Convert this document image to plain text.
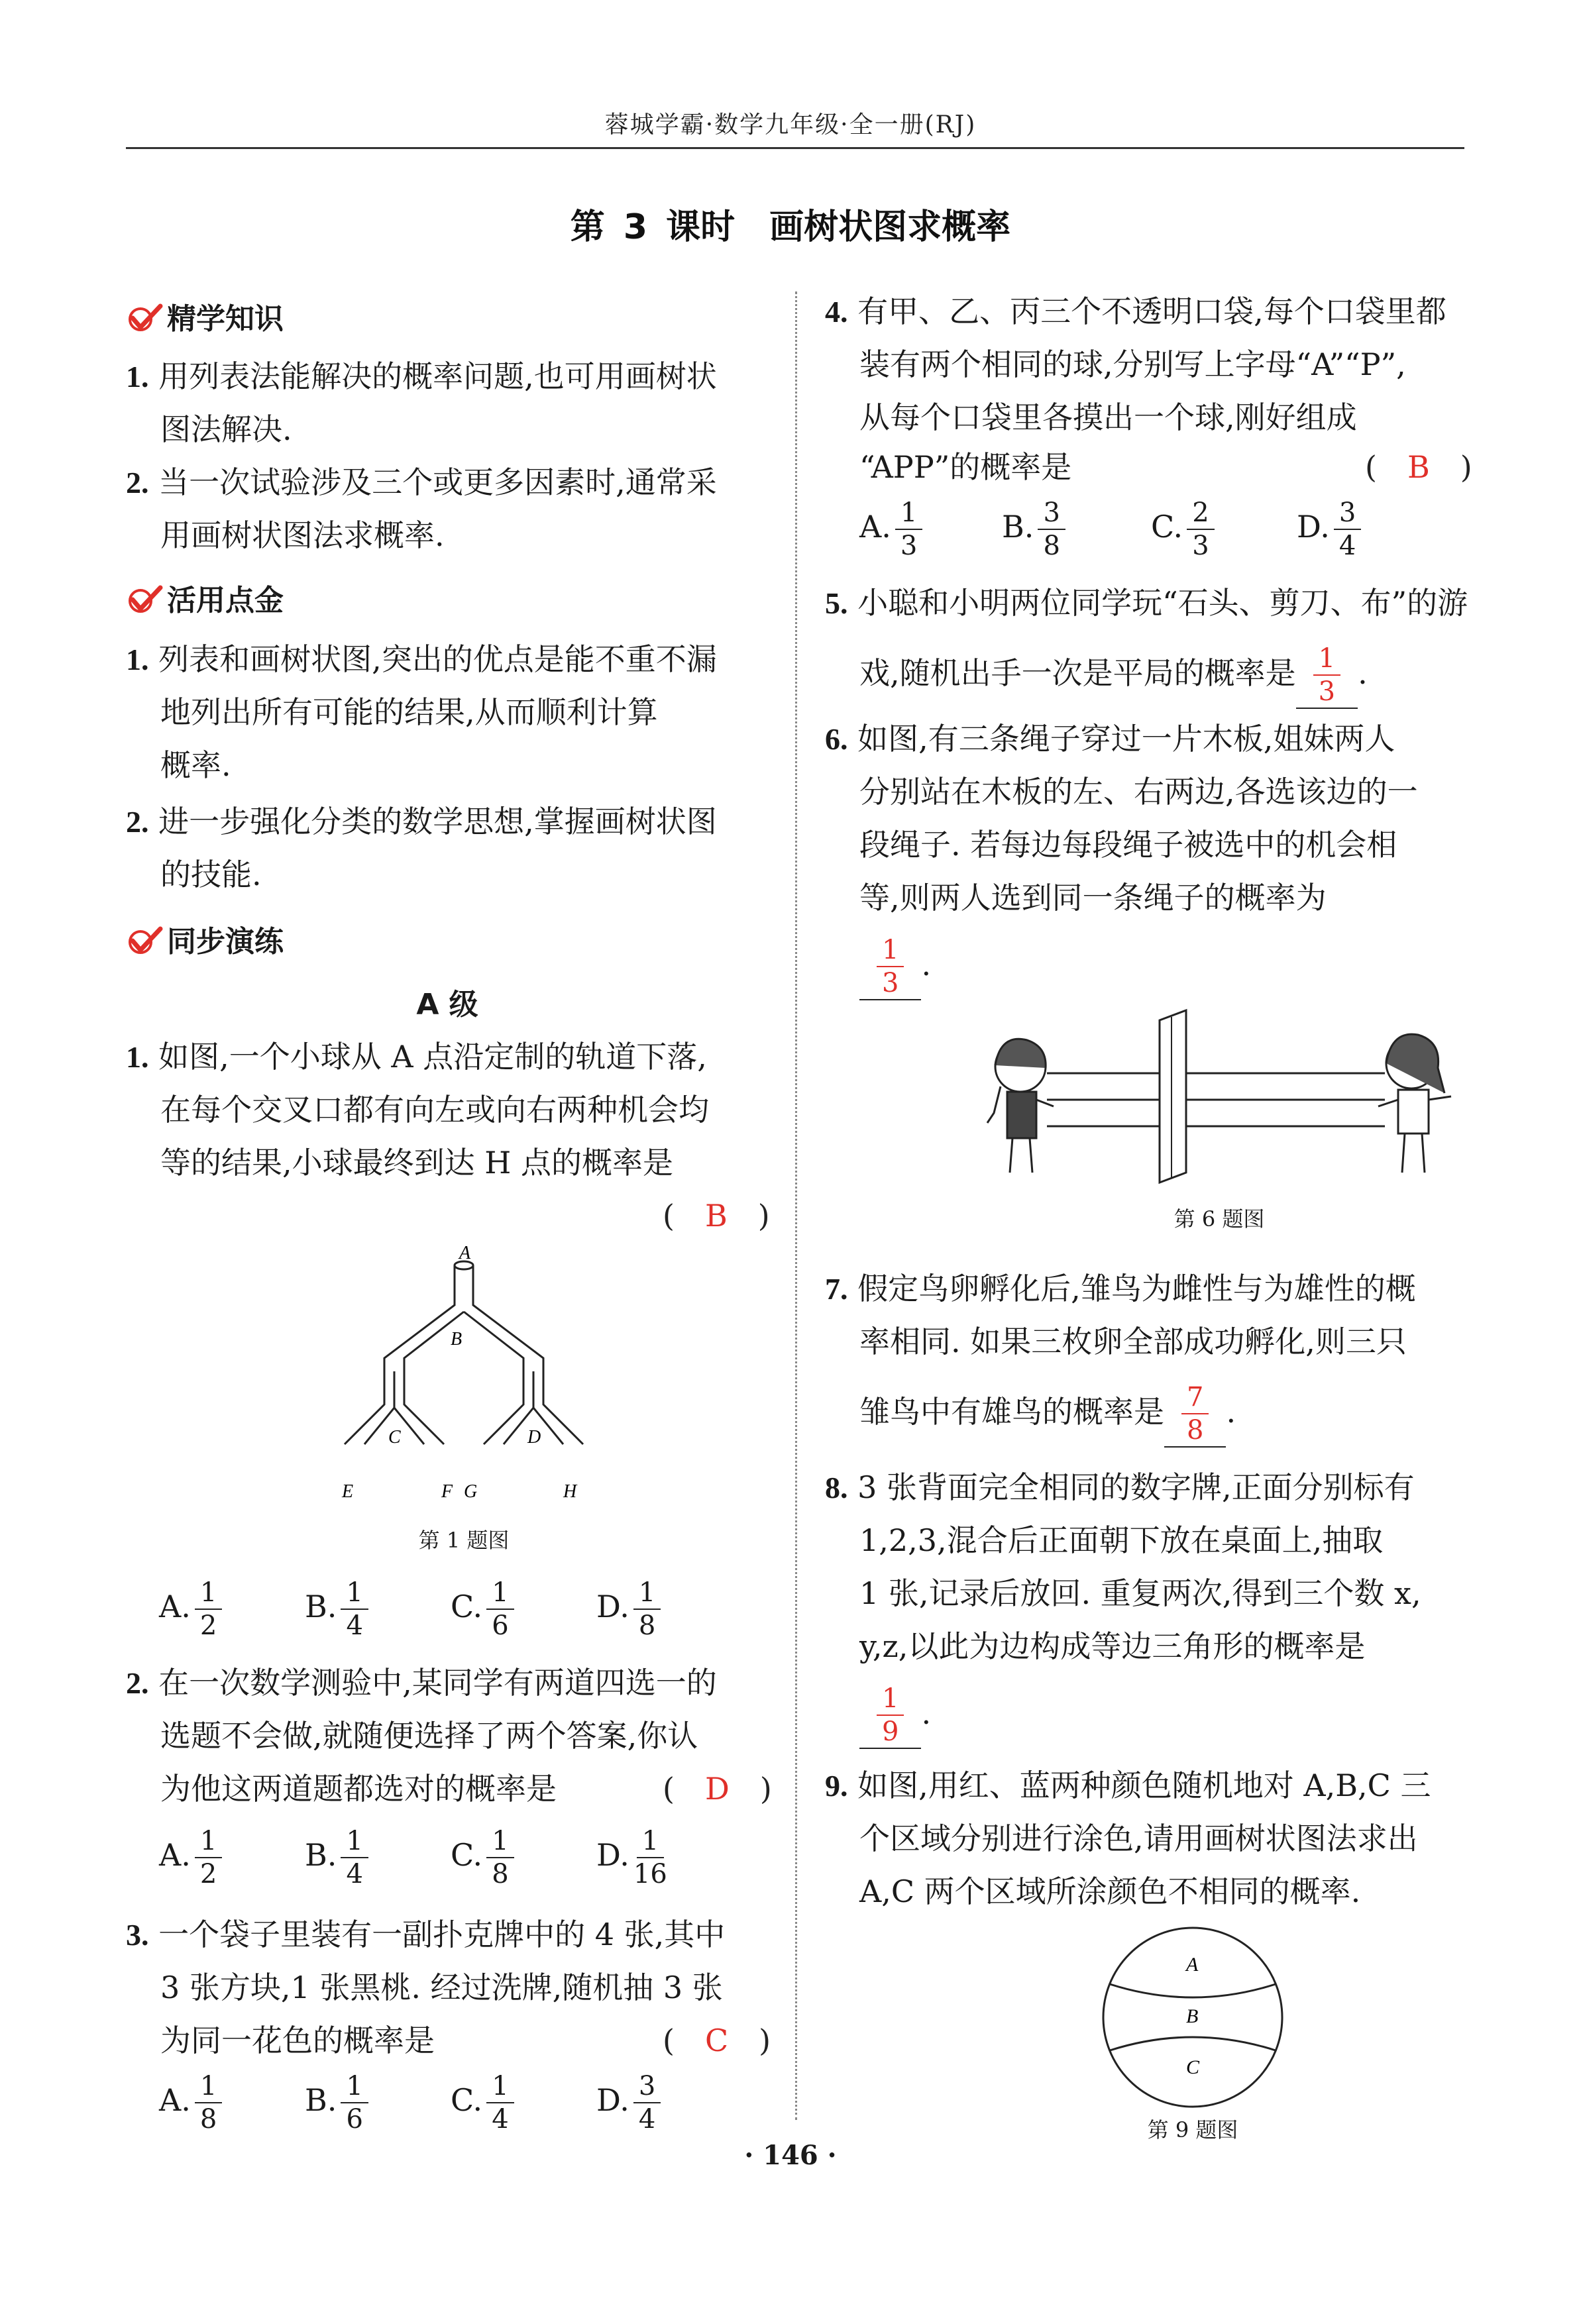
蓉城学霸·数学九年级·全一册(RJ)
第 3 课时　画树状图求概率
精学知识
1. 用列表法能解决的概率问题,也可用画树状
图法解决.
2. 当一次试验涉及三个或更多因素时,通常采
用画树状图法求概率.
活用点金
1. 列表和画树状图,突出的优点是能不重不漏
地列出所有可能的结果,从而顺利计算
概率.
2. 进一步强化分类的数学思想,掌握画树状图
的技能.
同步演练
A 级
1. 如图,一个小球从 A 点沿定制的轨道下落,
在每个交叉口都有向左或向右两种机会均
等的结果,小球最终到达 H 点的概率是
(　B　)
A
B
C	D
E	F G	H
第 1 题图
A. $\frac{1}{2}$	B. $\frac{1}{4}$	C. $\frac{1}{6}$	D. $\frac{1}{8}$
2. 在一次数学测验中,某同学有两道四选一的
选题不会做,就随便选择了两个答案,你认
为他这两道题都选对的概率是	(　D　)
A. $\frac{1}{2}$	B. $\frac{1}{4}$	C. $\frac{1}{8}$	D. $\frac{1}{16}$
3. 一个袋子里装有一副扑克牌中的 4 张,其中
3 张方块,1 张黑桃. 经过洗牌,随机抽 3 张
为同一花色的概率是	(　C　)
A. $\frac{1}{8}$	B. $\frac{1}{6}$	C. $\frac{1}{4}$	D. $\frac{3}{4}$
4. 有甲、乙、丙三个不透明口袋,每个口袋里都
装有两个相同的球,分别写上字母“A”“P”,
从每个口袋里各摸出一个球,刚好组成
“APP”的概率是	(　B　)
A. $\frac{1}{3}$	B. $\frac{3}{8}$	C. $\frac{2}{3}$	D. $\frac{3}{4}$
5. 小聪和小明两位同学玩“石头、剪刀、布”的游
戏,随机出手一次是平局的概率是 $\frac{1}{3}$ .
6. 如图,有三条绳子穿过一片木板,姐妹两人
分别站在木板的左、右两边,各选该边的一
段绳子. 若每边每段绳子被选中的机会相
等,则两人选到同一条绳子的概率为
$\frac{1}{3}$ .
第 6 题图
7. 假定鸟卵孵化后,雏鸟为雌性与为雄性的概
率相同. 如果三枚卵全部成功孵化,则三只
雏鸟中有雄鸟的概率是 $\frac{7}{8}$ .
8. 3 张背面完全相同的数字牌,正面分别标有
1,2,3,混合后正面朝下放在桌面上,抽取
1 张,记录后放回. 重复两次,得到三个数 x,
y,z,以此为边构成等边三角形的概率是
$\frac{1}{9}$ .
9. 如图,用红、蓝两种颜色随机地对 A,B,C 三
个区域分别进行涂色,请用画树状图法求出
A,C 两个区域所涂颜色不相同的概率.
A
B
C
第 9 题图
· 146 ·
